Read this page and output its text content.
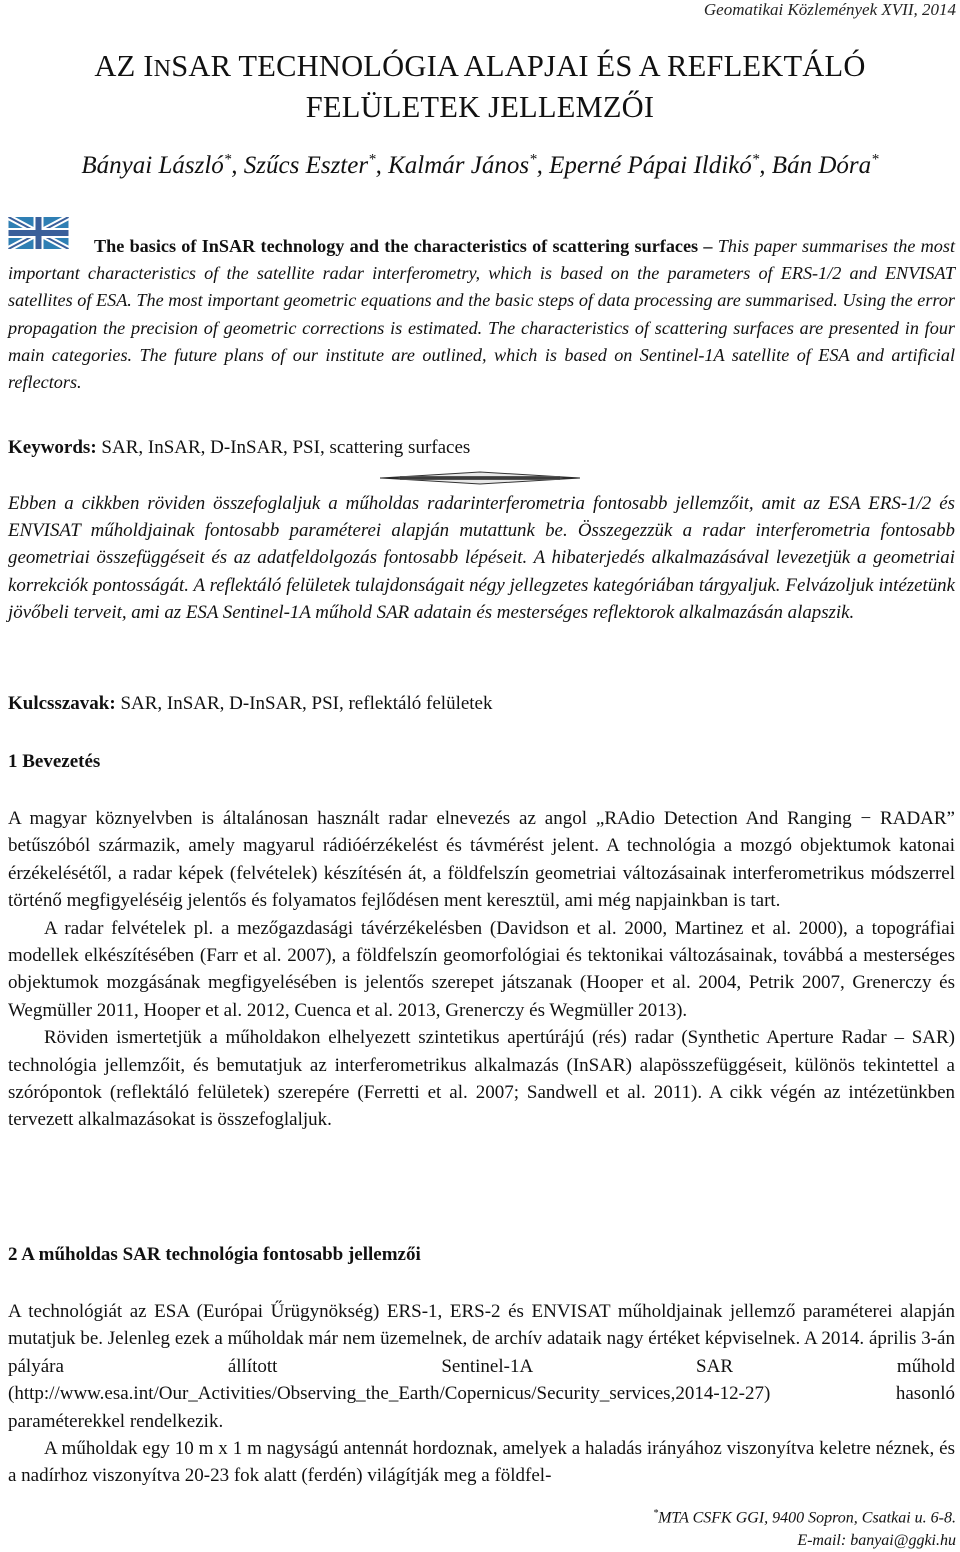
Geomatikai Közlemények XVII, 2014
AZ INSAR TECHNOLÓGIA ALAPJAI ÉS A REFLEKTÁLÓ
FELÜLETEK JELLEMZŐI
Bányai László*, Szűcs Eszter*, Kalmár János*, Eperné Pápai Ildikó*, Bán Dóra*
The basics of InSAR technology and the characteristics of scattering surfaces – This paper summarises the most important characteristics of the satellite radar interferometry, which is based on the parameters of ERS-1/2 and ENVISAT satellites of ESA. The most important geometric equations and the basic steps of data processing are summarised. Using the error propagation the precision of geometric corrections is estimated. The characteristics of scattering surfaces are presented in four main categories. The future plans of our institute are outlined, which is based on Sentinel-1A satellite of ESA and artificial reflectors.
Keywords: SAR, InSAR, D-InSAR, PSI, scattering surfaces
Ebben a cikkben röviden összefoglaljuk a műholdas radarinterferometria fontosabb jellemzőit, amit az ESA ERS-1/2 és ENVISAT műholdjainak fontosabb paraméterei alapján mutattunk be. Összegezzük a radar interferometria fontosabb geometriai összefüggéseit és az adatfeldolgozás fontosabb lépéseit. A hibaterjedés alkalmazásával levezetjük a geometriai korrekciók pontosságát. A reflektáló felületek tulajdonságait négy jellegzetes kategóriában tárgyaljuk. Felvázoljuk intézetünk jövőbeli terveit, ami az ESA Sentinel-1A műhold SAR adatain és mesterséges reflektorok alkalmazásán alapszik.
Kulcsszavak: SAR, InSAR, D-InSAR, PSI, reflektáló felületek
1 Bevezetés

A magyar köznyelvben is általánosan használt radar elnevezés az angol „RAdio Detection And Ranging − RADAR” betűszóból származik, amely magyarul rádióérzékelést és távmérést jelent. A technológia a mozgó objektumok katonai érzékelésétől, a radar képek (felvételek) készítésén át, a földfelszín geometriai változásainak interferometrikus módszerrel történő megfigyeléséig jelentős és folyamatos fejlődésen ment keresztül, ami még napjainkban is tart.

A radar felvételek pl. a mezőgazdasági távérzékelésben (Davidson et al. 2000, Martinez et al. 2000), a topográfiai modellek elkészítésében (Farr et al. 2007), a földfelszín geomorfológiai és tektonikai változásainak, továbbá a mesterséges objektumok mozgásának megfigyelésében is jelentős szerepet játszanak (Hooper et al. 2004, Petrik 2007, Grenerczy és Wegmüller 2011, Hooper et al. 2012, Cuenca et al. 2013, Grenerczy és Wegmüller 2013).

Röviden ismertetjük a műholdakon elhelyezett szintetikus apertúrájú (rés) radar (Synthetic Aperture Radar – SAR) technológia jellemzőit, és bemutatjuk az interferometrikus alkalmazás (InSAR) alapösszefüggéseit, különös tekintettel a szórópontok (reflektáló felületek) szerepére (Ferretti et al. 2007; Sandwell et al. 2011). A cikk végén az intézetünkben tervezett alkalmazásokat is összefoglaljuk.

2 A műholdas SAR technológia fontosabb jellemzői

A technológiát az ESA (Európai Űrügynökség) ERS-1, ERS-2 és ENVISAT műholdjainak jellemző paraméterei alapján mutatjuk be. Jelenleg ezek a műholdak már nem üzemelnek, de archív adataik nagy értéket képviselnek. A 2014. április 3-án pályára állított Sentinel-1A SAR műhold (http://www.esa.int/Our_Activities/Observing_the_Earth/Copernicus/Security_services,2014-12-27) hasonló paraméterekkel rendelkezik.

A műholdak egy 10 m x 1 m nagyságú antennát hordoznak, amelyek a haladás irányához viszonyítva keletre néznek, és a nadírhoz viszonyítva 20-23 fok alatt (ferdén) világítják meg a földfel-

*MTA CSFK GGI, 9400 Sopron, Csatkai u. 6-8.
E-mail: banyai@ggki.hu
